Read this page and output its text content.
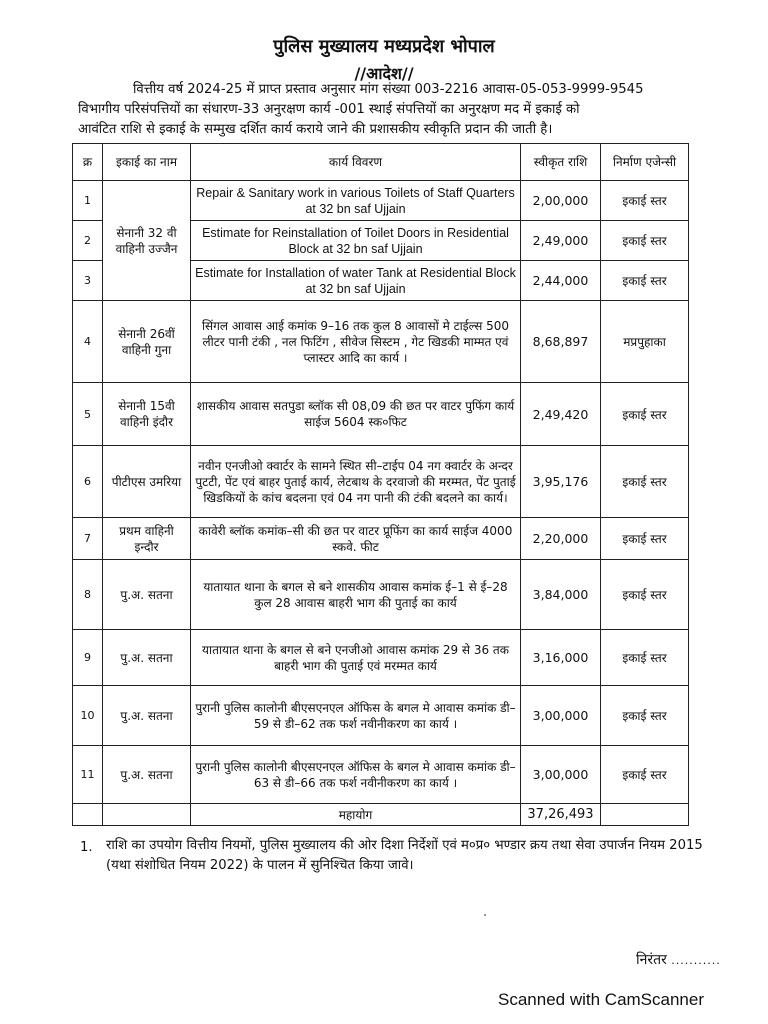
पुलिस मुख्यालय मध्यप्रदेश भोपाल
//आदेश//
वित्तीय वर्ष 2024-25 में प्राप्त प्रस्ताव अनुसार मांग संख्या 003-2216 आवास-05-053-9999-9545
विभागीय परिसंपत्तियों का संधारण-33 अनुरक्षण कार्य -001 स्थाई संपत्तियों का अनुरक्षण मद में इकाई को
आवंटित राशि से इकाई के सम्मुख दर्शित कार्य कराये जाने की प्रशासकीय स्वीकृति प्रदान की जाती है।
क्र	इकाई का नाम	कार्य विवरण	स्वीकृत राशि	निर्माण एजेन्सी
1	सेनानी 32 वी वाहिनी उज्जैन	Repair & Sanitary work in various Toilets of Staff Quarters at 32 bn saf Ujjain	2,00,000	इकाई स्तर
2		Estimate for Reinstallation of Toilet Doors in Residential Block at 32 bn saf Ujjain	2,49,000	इकाई स्तर
3		Estimate for Installation of water Tank at Residential Block at 32 bn saf Ujjain	2,44,000	इकाई स्तर
4	सेनानी 26वीं वाहिनी गुना	सिंगल आवास आई कमांक 9–16 तक कुल 8 आवासों मे टाईल्स 500 लीटर पानी टंकी , नल फिटिंग , सीवेज सिस्टम , गेट खिडकी माम्मत एवं प्लास्टर आदि का कार्य ।	8,68,897	मप्रपुहाका
5	सेनानी 15वी वाहिनी इंदौर	शासकीय आवास सतपुडा ब्लॉक सी 08,09 की छत पर वाटर पुफिंग कार्य साईज 5604 स्क०फिट	2,49,420	इकाई स्तर
6	पीटीएस उमरिया	नवीन एनजीओ क्वार्टर के सामने स्थित सी–टाईप 04 नग क्वार्टर के अन्दर पुटटी, पेंट एवं बाहर पुताई कार्य, लेटबाथ के दरवाजो की मरम्मत, पेंट पुताई खिडकियों के कांच बदलना एवं 04 नग पानी की टंकी बदलने का कार्य।	3,95,176	इकाई स्तर
7	प्रथम वाहिनी इन्दौर	कावेरी ब्लॉक कमांक–सी की छत पर वाटर प्रूफिंग का कार्य साईज 4000 स्कवे. फीट	2,20,000	इकाई स्तर
8	पु.अ. सतना	यातायात थाना के बगल से बने शासकीय आवास कमांक ई–1 से ई–28 कुल 28 आवास बाहरी भाग की पुताई का कार्य	3,84,000	इकाई स्तर
9	पु.अ. सतना	यातायात थाना के बगल से बने एनजीओ आवास कमांक 29 से 36 तक बाहरी भाग की पुताई एवं मरम्मत कार्य	3,16,000	इकाई स्तर
10	पु.अ. सतना	पुरानी पुलिस कालोनी बीएसएनएल ऑफिस के बगल मे आवास कमांक डी–59 से डी–62 तक फर्श नवीनीकरण का कार्य ।	3,00,000	इकाई स्तर
11	पु.अ. सतना	पुरानी पुलिस कालोनी बीएसएनएल ऑफिस के बगल मे आवास कमांक डी–63 से डी–66 तक फर्श नवीनीकरण का कार्य ।	3,00,000	इकाई स्तर
		महायोग	37,26,493	
1. राशि का उपयोग वित्तीय नियमों, पुलिस मुख्यालय की ओर दिशा निर्देशों एवं म०प्र० भण्डार क्रय तथा सेवा उपार्जन नियम 2015 (यथा संशोधित नियम 2022) के पालन में सुनिश्चित किया जावे।
निरंतर ...........
Scanned with CamScanner
